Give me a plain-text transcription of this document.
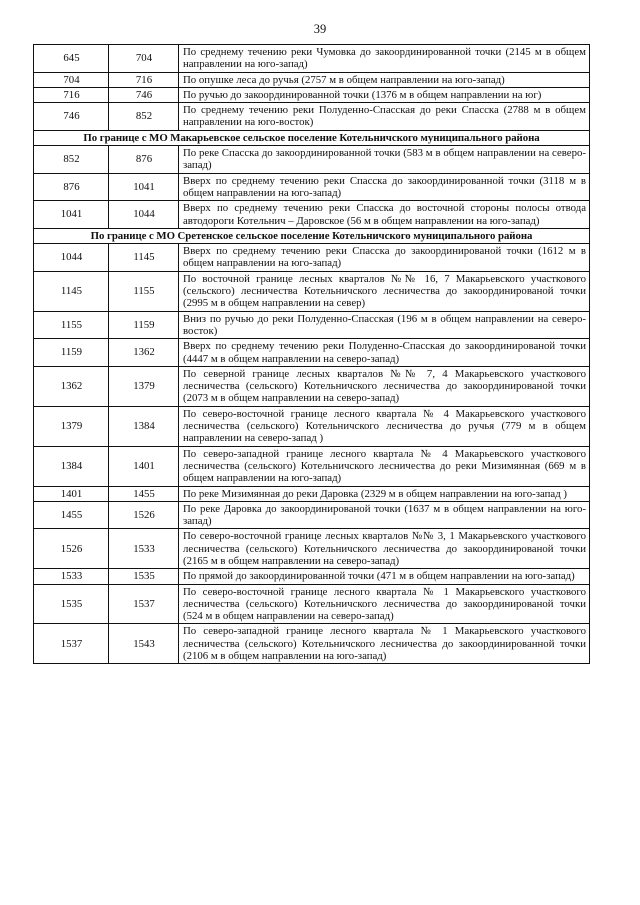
39
645	704	По среднему течению реки Чумовка до закоординированной точки (2145 м в общем направлении на юго-запад)
704	716	По опушке леса до ручья (2757 м в общем направлении на юго-запад)
716	746	По ручью до закоординированной точки (1376 м в общем направлении на юг)
746	852	По среднему течению реки Полуденно-Спасская до реки Спасска (2788 м в общем направлении на юго-восток)
По границе с МО Макарьевское сельское поселение Котельничского муниципального района		
852	876	По реке Спасска до закоординированной точки (583 м в общем направлении на северо-запад)
876	1041	Вверх по среднему течению реки Спасска до закоординированной точки (3118 м в общем направлении на юго-запад)
1041	1044	Вверх по среднему течению реки Спасска до восточной стороны полосы отвода автодороги Котельнич – Даровское (56 м в общем направлении на юго-запад)
По границе с МО Сретенское сельское поселение Котельничского муниципального района		
1044	1145	Вверх по среднему течению реки Спасска до закоординированой точки (1612 м в общем направлении на юго-запад)
1145	1155	По восточной границе лесных кварталов №№ 16, 7 Макарьевского участкового (сельского) лесничества Котельничского лесничества до закоординированой точки (2995 м в общем направлении на север)
1155	1159	Вниз по ручью до реки Полуденно-Спасская (196 м в общем направлении на северо-восток)
1159	1362	Вверх по среднему течению реки Полуденно-Спасская до закоординированой точки (4447 м в общем направлении на северо-запад)
1362	1379	По северной границе лесных кварталов №№ 7, 4 Макарьевского участкового лесничества (сельского) Котельничского лесничества до закоординированой точки (2073 м в общем направлении на северо-запад)
1379	1384	По северо-восточной границе лесного квартала № 4 Макарьевского участкового лесничества (сельского) Котельничского лесничества до ручья (779 м в общем направлении на северо-запад )
1384	1401	По северо-западной границе лесного квартала № 4 Макарьевского участкового лесничества (сельского) Котельничского лесничества до реки Мизимянная (669 м в общем направлении на юго-запад)
1401	1455	По реке Мизимянная до реки Даровка (2329 м в общем направлении на юго-запад )
1455	1526	По реке Даровка до закоординированой точки (1637 м в общем направлении на юго-запад)
1526	1533	По северо-восточной границе лесных кварталов №№ 3, 1 Макарьевского участкового лесничества (сельского) Котельничского лесничества до закоординированой точки (2165 м в общем направлении на северо-запад)
1533	1535	По прямой до закоординированной точки (471 м в общем направлении на юго-запад)
1535	1537	По северо-восточной границе лесного квартала № 1 Макарьевского участкового лесничества (сельского) Котельничского лесничества до закоординированой точки (524 м в общем направлении на северо-запад)
1537	1543	По северо-западной границе лесного квартала № 1 Макарьевского участкового лесничества (сельского) Котельничского лесничества до закоординированной точки (2106 м в общем направлении на юго-запад)
